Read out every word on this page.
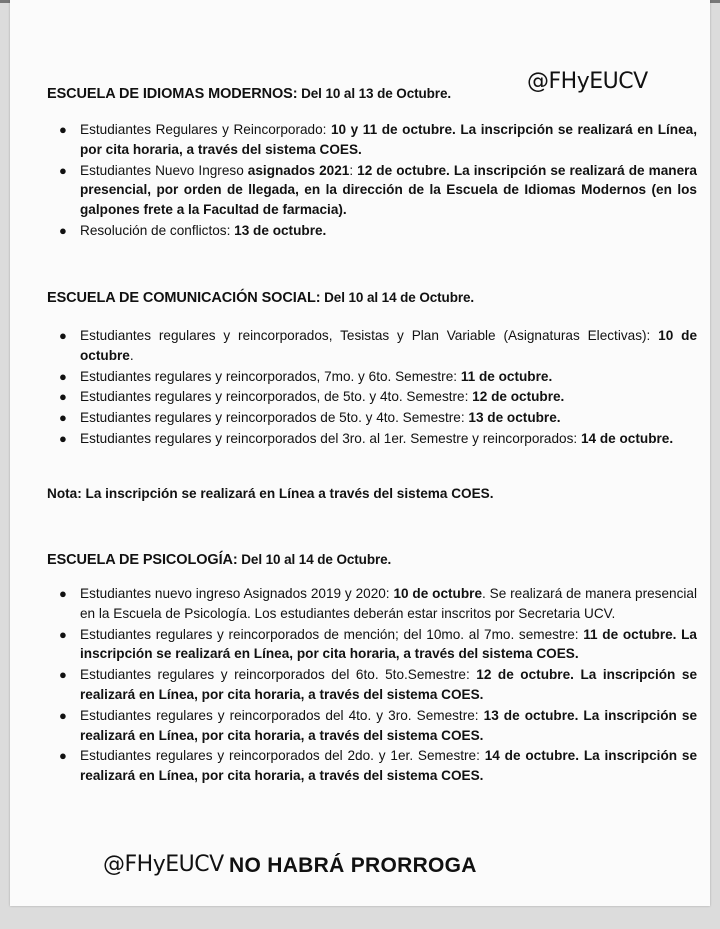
ESCUELA DE IDIOMAS MODERNOS: Del 10 al 13 de Octubre.	@FHyEUCV
● Estudiantes Regulares y Reincorporado: 10 y 11 de octubre. La inscripción se realizará en Línea, por cita horaria, a través del sistema COES.
● Estudiantes Nuevo Ingreso asignados 2021: 12 de octubre. La inscripción se realizará de manera presencial, por orden de llegada, en la dirección de la Escuela de Idiomas Modernos (en los galpones frete a la Facultad de farmacia).
● Resolución de conflictos: 13 de octubre.
ESCUELA DE COMUNICACIÓN SOCIAL: Del 10 al 14 de Octubre.
● Estudiantes regulares y reincorporados, Tesistas y Plan Variable (Asignaturas Electivas): 10 de octubre.
● Estudiantes regulares y reincorporados, 7mo. y 6to. Semestre: 11 de octubre.
● Estudiantes regulares y reincorporados, de 5to. y 4to. Semestre: 12 de octubre.
● Estudiantes regulares y reincorporados de 5to. y 4to. Semestre: 13 de octubre.
● Estudiantes regulares y reincorporados del 3ro. al 1er. Semestre y reincorporados: 14 de octubre.
Nota: La inscripción se realizará en Línea a través del sistema COES.
ESCUELA DE PSICOLOGÍA: Del 10 al 14 de Octubre.
● Estudiantes nuevo ingreso Asignados 2019 y 2020: 10 de octubre. Se realizará de manera presencial en la Escuela de Psicología. Los estudiantes deberán estar inscritos por Secretaria UCV.
● Estudiantes regulares y reincorporados de mención; del 10mo. al 7mo. semestre: 11 de octubre. La inscripción se realizará en Línea, por cita horaria, a través del sistema COES.
● Estudiantes regulares y reincorporados del 6to. 5to.Semestre: 12 de octubre. La inscripción se realizará en Línea, por cita horaria, a través del sistema COES.
● Estudiantes regulares y reincorporados del 4to. y 3ro. Semestre: 13 de octubre. La inscripción se realizará en Línea, por cita horaria, a través del sistema COES.
● Estudiantes regulares y reincorporados del 2do. y 1er. Semestre: 14 de octubre. La inscripción se realizará en Línea, por cita horaria, a través del sistema COES.
@FHyEUCV NO HABRÁ PRORROGA
